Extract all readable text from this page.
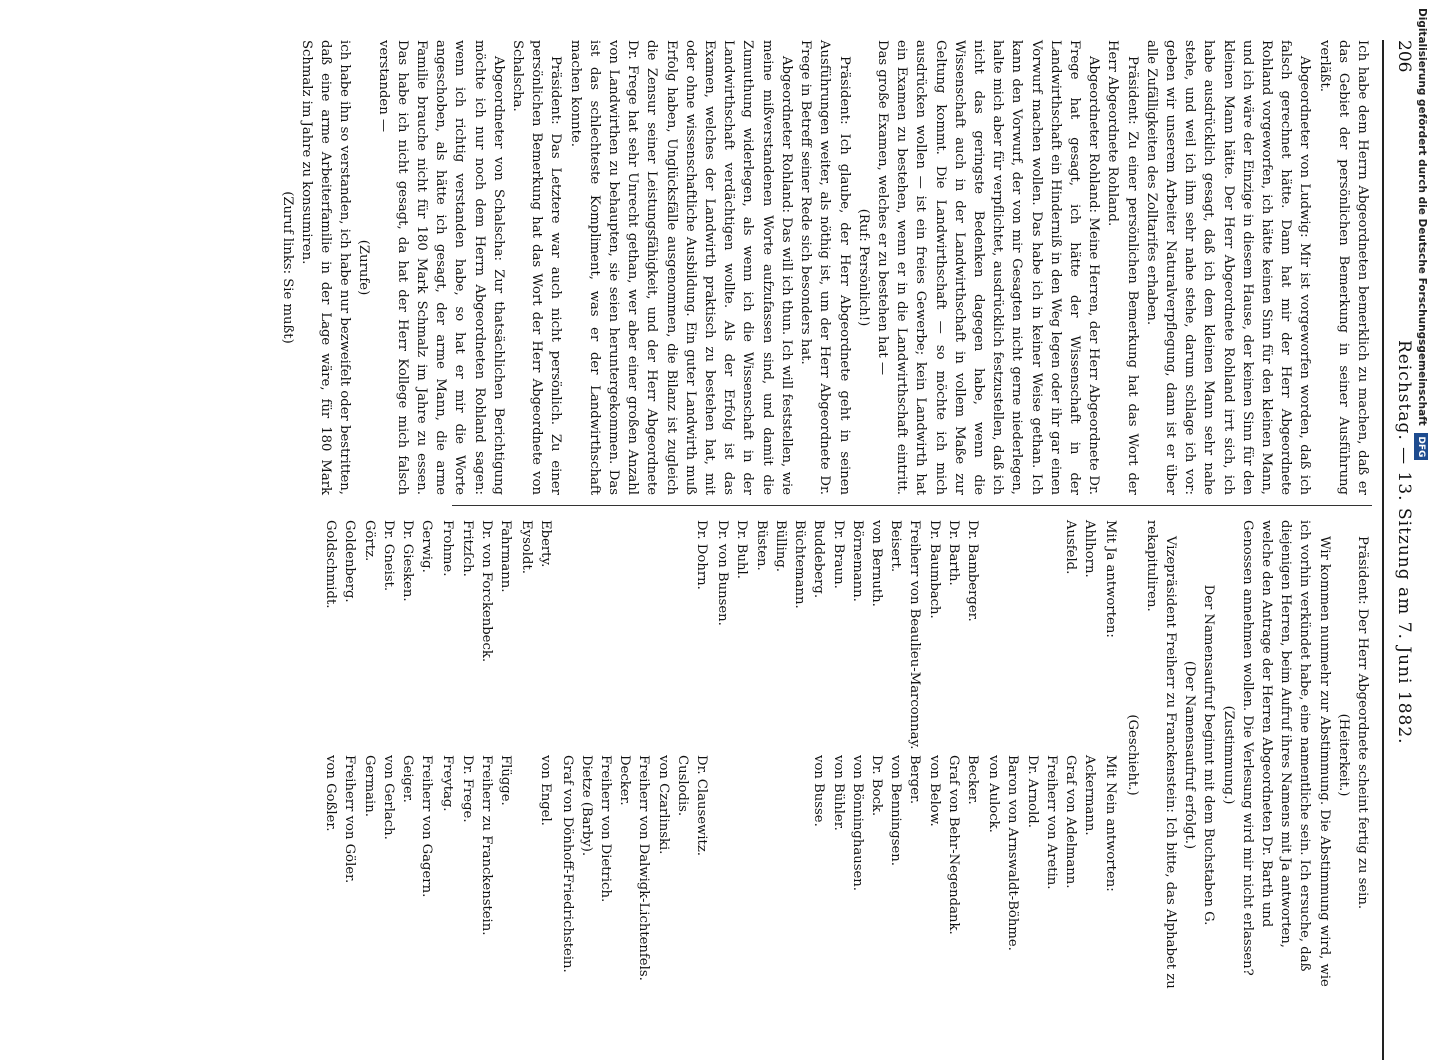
206
Reichstag. — 13. Sitzung am 7. Juni 1882.

Ich habe dem Herrn Abgeordneten bemerklich zu machen, daß er das Gebiet der persönlichen Bemerkung in seiner Ausführung verläßt.

Abgeordneter von Ludwig: Mir ist vorgeworfen worden, daß ich falsch gerechnet hätte. Dann hat mir der Herr Abgeordnete Rohland vorgeworfen, ich hätte keinen Sinn für den kleinen Mann, und ich wäre der Einzige in diesem Hause, der keinen Sinn für den kleinen Mann hätte. Der Herr Abgeordnete Rohland irrt sich, ich habe ausdrücklich gesagt, daß ich dem kleinen Mann sehr nahe stehe, und weil ich ihm sehr nahe stehe, darum schlage ich vor: geben wir unserem Arbeiter Naturalverpflegung, dann ist er über alle Zufälligkeiten des Zolltarifes erhaben.

Präsident: Zu einer persönlichen Bemerkung hat das Wort der Herr Abgeordnete Rohland.

Abgeordneter Rohland: Meine Herren, der Herr Abgeordnete Dr. Frege hat gesagt, ich hätte der Wissenschaft in der Landwirthschaft ein Hinderniß in den Weg legen oder ihr gar einen Vorwurf machen wollen. Das habe ich in keiner Weise gethan. Ich kann den Vorwurf, der von mir Gesagten nicht gerne niederlegen, halte mich aber für verpflichtet, ausdrücklich festzustellen, daß ich nicht das geringste Bedenken dagegen habe, wenn die Wissenschaft auch in der Landwirthschaft in vollem Maße zur Geltung kommt. Die Landwirthschaft — so möchte ich mich ausdrücken wollen — ist ein freies Gewerbe; kein Landwirth hat ein Examen zu bestehen, wenn er in die Landwirthschaft eintritt. Das große Examen, welches er zu bestehen hat —

(Ruf: Persönlich!)

Präsident: Ich glaube, der Herr Abgeordnete geht in seinen Ausführungen weiter, als nöthig ist, um der Herr Abgeordnete Dr. Frege in Betreff seiner Rede sich besonders hat.

Abgeordneter Rohland: Das will ich thun. Ich will feststellen, wie meine mißverstandenen Worte aufzufassen sind, und damit die Zumuthung widerlegen, als wenn ich die Wissenschaft in der Landwirthschaft verdächtigen wollte. Als der Erfolg ist das Examen, welches der Landwirth praktisch zu bestehen hat, mit oder ohne wissenschaftliche Ausbildung. Ein guter Landwirth muß Erfolg haben, Unglücksfälle ausgenommen, die Bilanz ist zugleich die Zensur seiner Leistungsfähigkeit, und der Herr Abgeordnete Dr. Frege hat sehr Unrecht gethan, wer aber einer großen Anzahl von Landwirthen zu behaupten, sie seien heruntergekommen. Das ist das schlechteste Kompliment, was er der Landwirthschaft machen konnte.

Präsident: Das Letztere war auch nicht persönlich. Zu einer persönlichen Bemerkung hat das Wort der Herr Abgeordnete von Schalscha.

Abgeordneter von Schalscha: Zur thatsächlichen Berichtigung möchte ich nur noch dem Herrn Abgeordneten Rohland sagen: wenn ich richtig verstanden habe, so hat er mir die Worte angeschoben, als hätte ich gesagt, der arme Mann, die arme Familie brauche nicht für 180 Mark Schmalz im Jahre zu essen. Das habe ich nicht gesagt, da hat der Herr Kollege mich falsch verstanden —

(Zurufe)

ich habe ihn so verstanden, ich habe nur bezweifelt oder bestritten, daß eine arme Arbeiterfamilie in der Lage wäre, für 180 Mark Schmalz im Jahre zu konsumiren.

(Zuruf links: Sie mußt)

Präsident: Der Herr Abgeordnete scheint fertig zu sein.

(Heiterkeit.)

Wir kommen nunmehr zur Abstimmung. Die Abstimmung wird, wie ich vorhin verkündet habe, eine namentliche sein. Ich ersuche, daß diejenigen Herren, beim Aufruf ihres Namens mit Ja antworten, welche den Antrage der Herren Abgeordneten Dr. Barth und Genossen annehmen wollen. Die Verlesung wird mir nicht erlassen?

(Zustimmung.)

Der Namensaufruf beginnt mit dem Buchstaben G.

(Der Namensaufruf erfolgt.)

Vizepräsident Freiherr zu Franckenstein: Ich bitte, das Alphabet zu rekapituliren.

(Geschieht.)

Mit Ja antworten:
Mit Nein antworten:
Ahlhorn.
Ausfeld.
Ackermann.
Graf von Adelmann.
Freiherr von Aretin.
Dr. Arnold.
Baron von Arnswaldt-Böhme.
von Aulock.
Dr. Bamberger.
Dr. Barth.
Dr. Baumbach.
Freiherr von Beaulieu-Marconnay.
Beisert.
von Bernuth.
Börnemann.
Dr. Braun.
Buddeberg.
Büchtemann.
Bülling.
Büsten.
Dr. Buhl.
Dr. von Bunsen.
Becker.
Graf von Behr-Negendank.
von Below.
Berger.
von Benningsen.
Dr. Bock.
von Bönninghausen.
von Bühler.
von Busse.
Dr. Dohrn.
Dr. Clausewitz.
Cuslodis.
von Czarlinski.
Freiherr von Dalwigk-Lichtenfels.
Decker.
Freiherr von Dietrich.
Dietze (Barby).
Graf von Dönhoff-Friedrichstein.
Eberty.
Eysoldt.
von Engel.
Fahrmann.
Dr. von Forckenbeck.
Fritzſch.
Frohme.
Flügge.
Freiherr zu Franckenstein.
Dr. Frege.
Freytag.
Gerwig.
Dr. Giesken.
Dr. Gneist.
Görtz.
Goldenberg.
Goldschmidt.
Freiherr von Gagern.
Geiger.
von Gerlach.
Germain.
Freiherr von Göler.
von Goßler.
Digitalisierung gefördert durch die Deutsche Forschungsgemeinschaft DFG
